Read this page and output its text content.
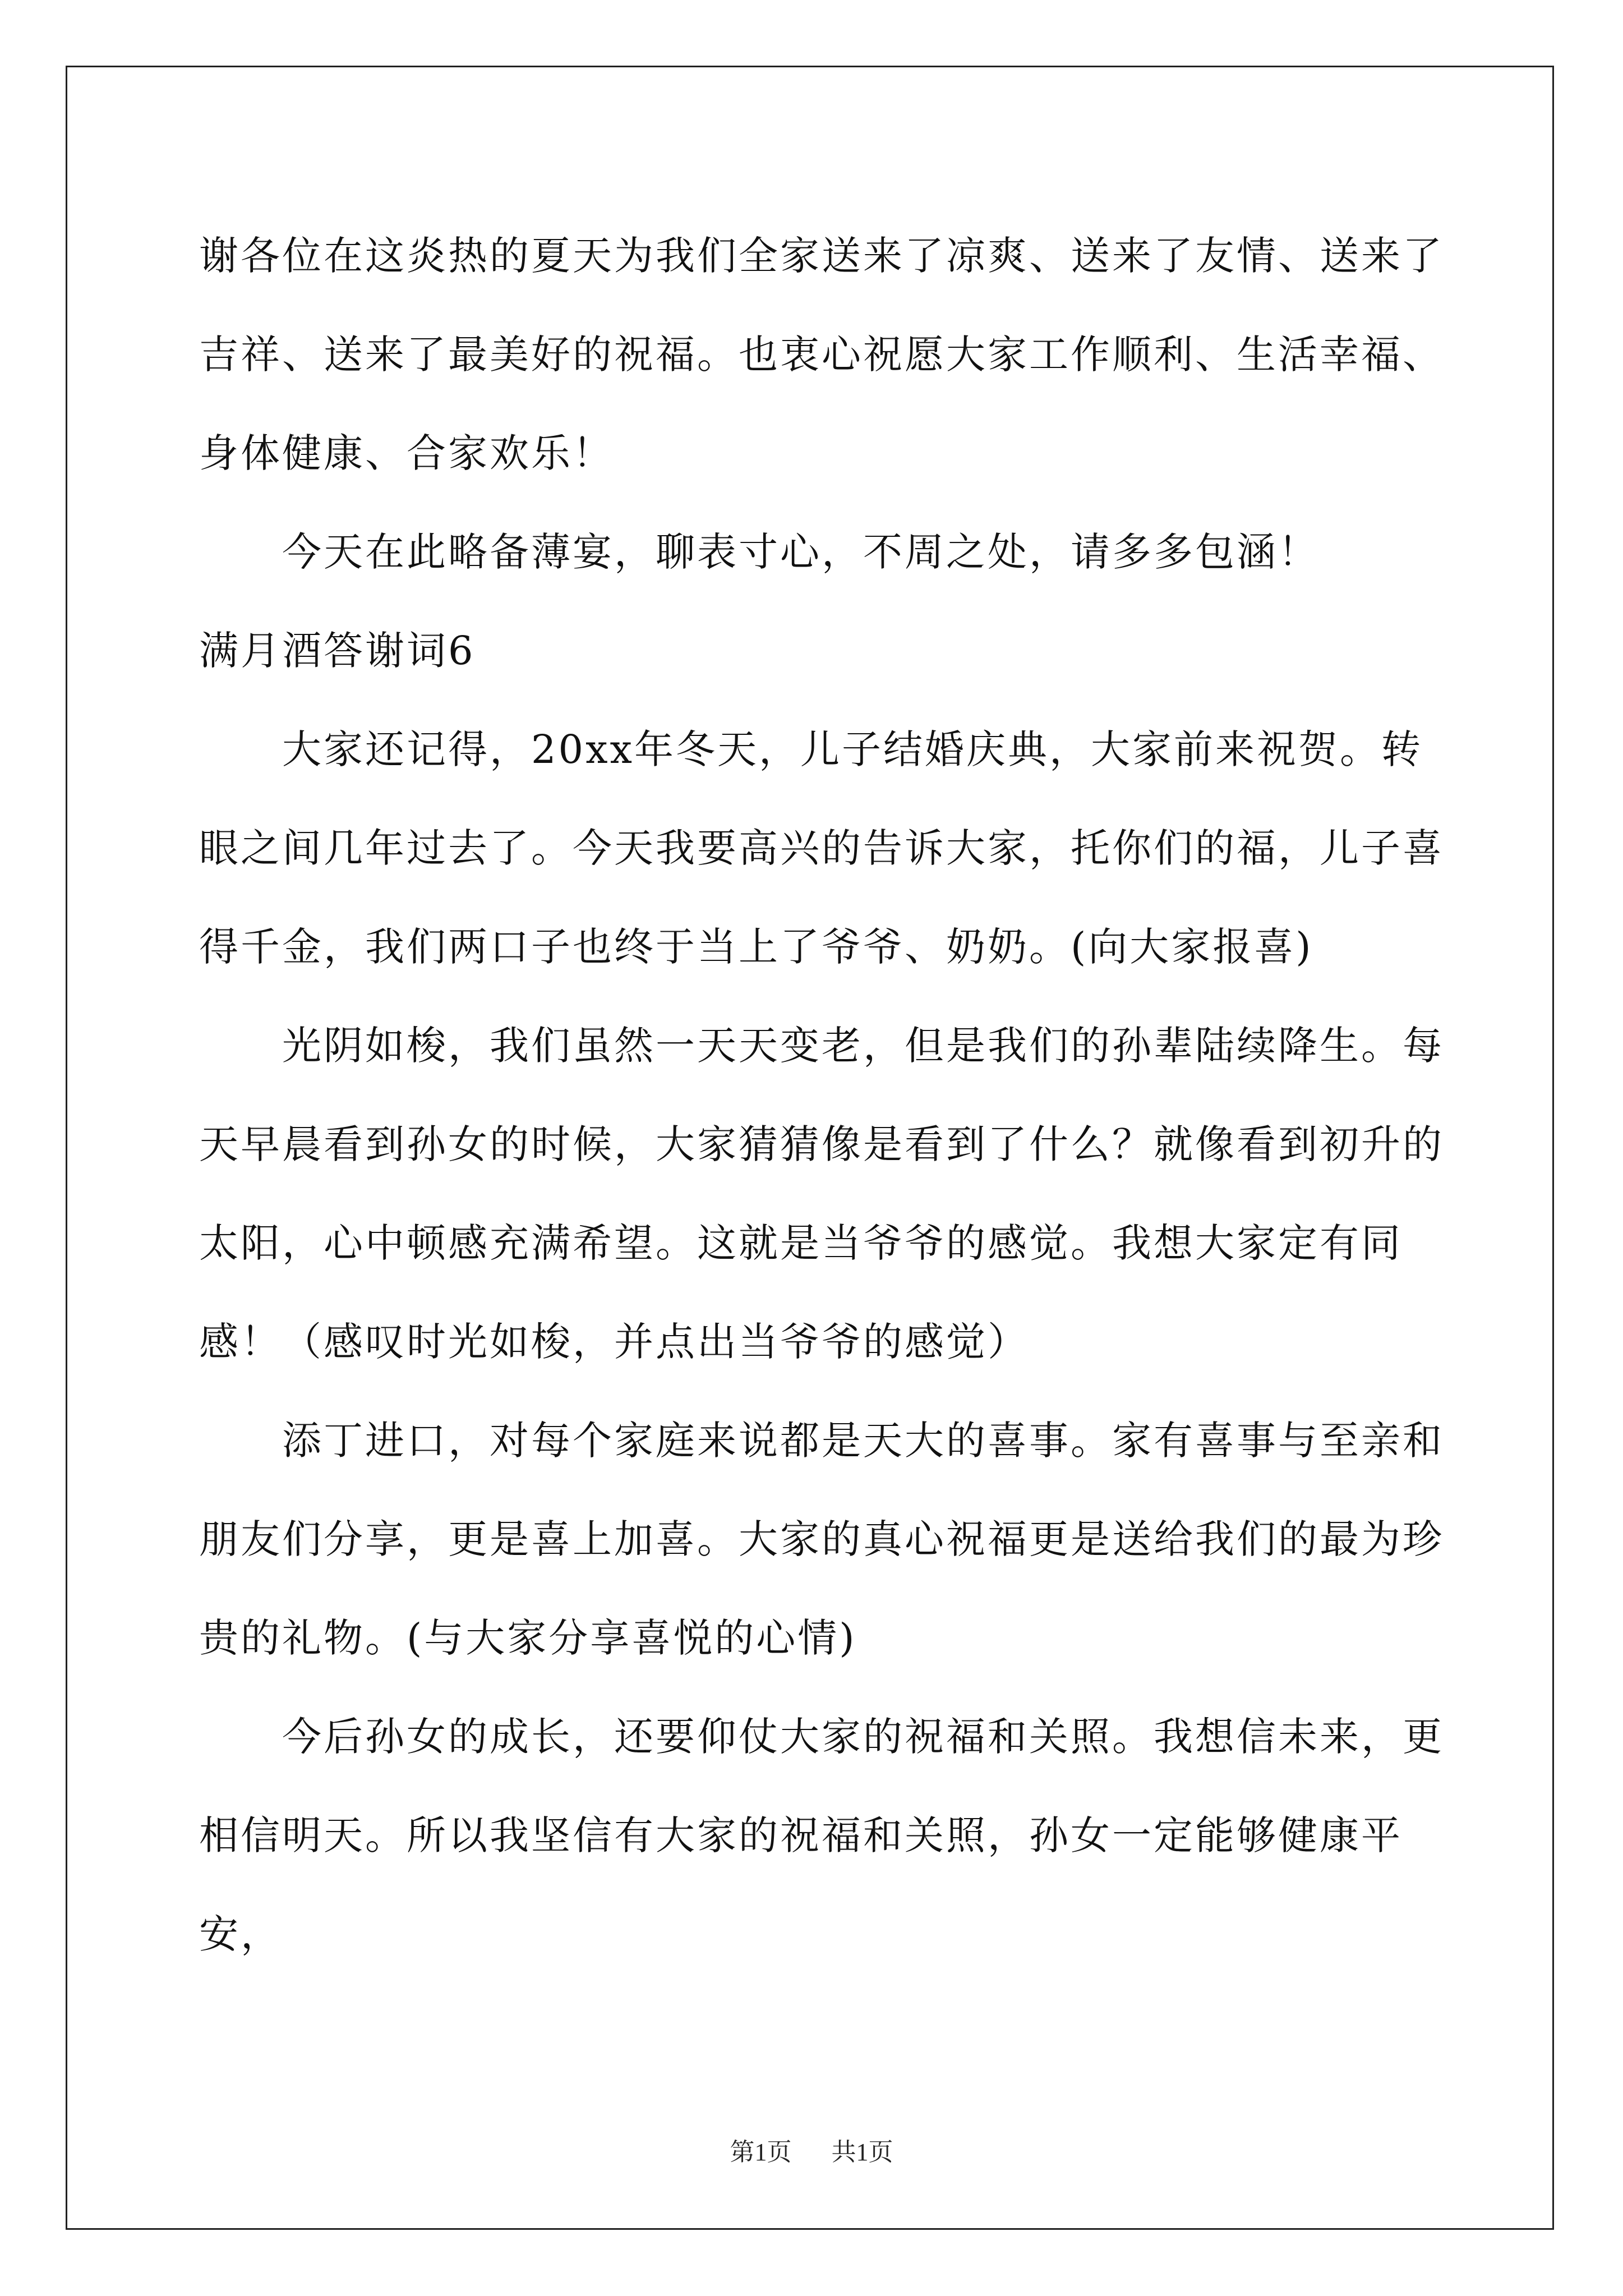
谢各位在这炎热的夏天为我们全家送来了凉爽、送来了友情、送来了吉祥、送来了最美好的祝福。也衷心祝愿大家工作顺利、生活幸福、身体健康、合家欢乐！

今天在此略备薄宴，聊表寸心，不周之处，请多多包涵！

满月酒答谢词6

大家还记得，20xx年冬天，儿子结婚庆典，大家前来祝贺。转眼之间几年过去了。今天我要高兴的告诉大家，托你们的福，儿子喜得千金，我们两口子也终于当上了爷爷、奶奶。(向大家报喜)

光阴如梭，我们虽然一天天变老，但是我们的孙辈陆续降生。每天早晨看到孙女的时候，大家猜猜像是看到了什么？就像看到初升的太阳，心中顿感充满希望。这就是当爷爷的感觉。我想大家定有同感！（感叹时光如梭，并点出当爷爷的感觉）

添丁进口，对每个家庭来说都是天大的喜事。家有喜事与至亲和朋友们分享，更是喜上加喜。大家的真心祝福更是送给我们的最为珍贵的礼物。(与大家分享喜悦的心情)

今后孙女的成长，还要仰仗大家的祝福和关照。我想信未来，更相信明天。所以我坚信有大家的祝福和关照，孙女一定能够健康平安，

第1页 共1页
